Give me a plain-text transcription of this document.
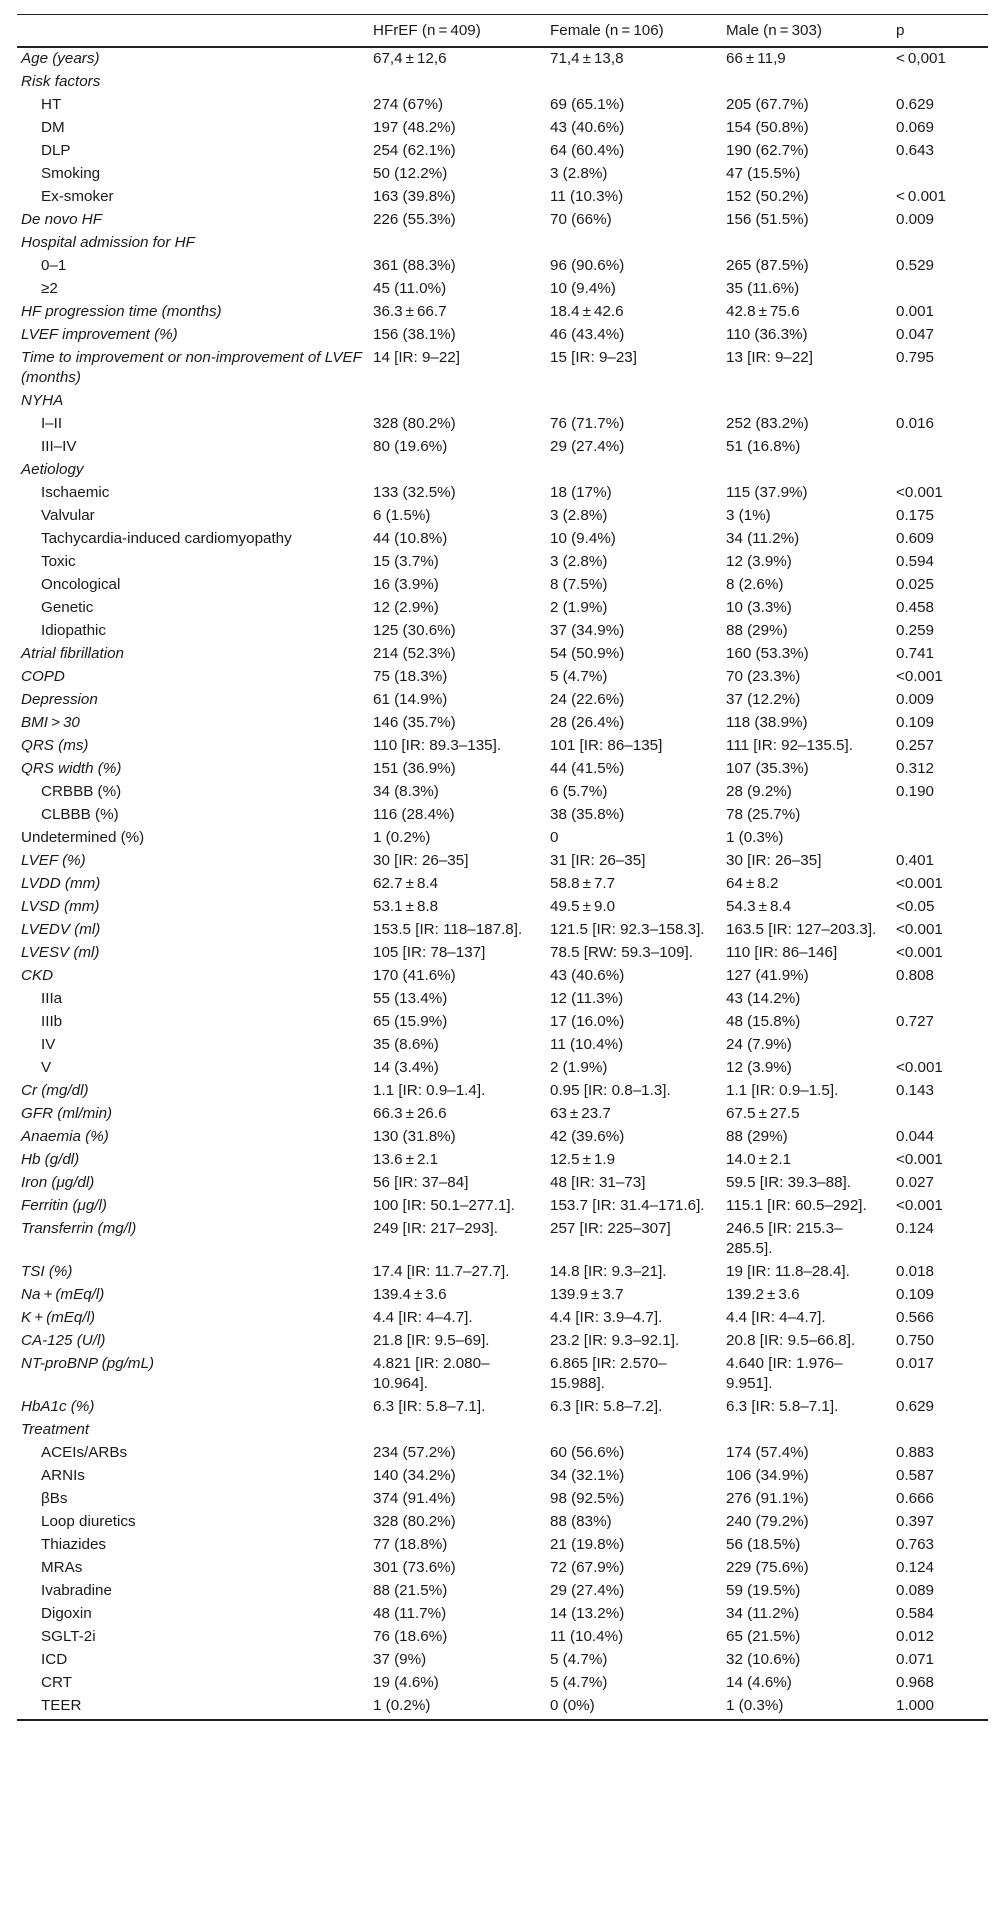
	HFrEF (n = 409)	Female (n = 106)	Male (n = 303)	p
Age (years)	67,4 ± 12,6	71,4 ± 13,8	66 ± 11,9	< 0,001
Risk factors				
HT	274 (67%)	69 (65.1%)	205 (67.7%)	0.629
DM	197 (48.2%)	43 (40.6%)	154 (50.8%)	0.069
DLP	254 (62.1%)	64 (60.4%)	190 (62.7%)	0.643
Smoking	50 (12.2%)	3 (2.8%)	47 (15.5%)	
Ex-smoker	163 (39.8%)	11 (10.3%)	152 (50.2%)	< 0.001
De novo HF	226 (55.3%)	70 (66%)	156 (51.5%)	0.009
Hospital admission for HF				
0–1	361 (88.3%)	96 (90.6%)	265 (87.5%)	0.529
≥2	45 (11.0%)	10 (9.4%)	35 (11.6%)	
HF progression time (months)	36.3 ± 66.7	18.4 ± 42.6	42.8 ± 75.6	0.001
LVEF improvement (%)	156 (38.1%)	46 (43.4%)	110 (36.3%)	0.047
Time to improvement or non-improvement of LVEF (months)	14 [IR: 9–22]	15 [IR: 9–23]	13 [IR: 9–22]	0.795
NYHA				
I–II	328 (80.2%)	76 (71.7%)	252 (83.2%)	0.016
III–IV	80 (19.6%)	29 (27.4%)	51 (16.8%)	
Aetiology				
Ischaemic	133 (32.5%)	18 (17%)	115 (37.9%)	<0.001
Valvular	6 (1.5%)	3 (2.8%)	3 (1%)	0.175
Tachycardia-induced cardiomyopathy	44 (10.8%)	10 (9.4%)	34 (11.2%)	0.609
Toxic	15 (3.7%)	3 (2.8%)	12 (3.9%)	0.594
Oncological	16 (3.9%)	8 (7.5%)	8 (2.6%)	0.025
Genetic	12 (2.9%)	2 (1.9%)	10 (3.3%)	0.458
Idiopathic	125 (30.6%)	37 (34.9%)	88 (29%)	0.259
Atrial fibrillation	214 (52.3%)	54 (50.9%)	160 (53.3%)	0.741
COPD	75 (18.3%)	5 (4.7%)	70 (23.3%)	<0.001
Depression	61 (14.9%)	24 (22.6%)	37 (12.2%)	0.009
BMI > 30	146 (35.7%)	28 (26.4%)	118 (38.9%)	0.109
QRS (ms)	110 [IR: 89.3–135].	101 [IR: 86–135]	111 [IR: 92–135.5].	0.257
QRS width (%)	151 (36.9%)	44 (41.5%)	107 (35.3%)	0.312
CRBBB (%)	34 (8.3%)	6 (5.7%)	28 (9.2%)	0.190
CLBBB (%)	116 (28.4%)	38 (35.8%)	78 (25.7%)	
Undetermined (%)	1 (0.2%)	0	1 (0.3%)	
LVEF (%)	30 [IR: 26–35]	31 [IR: 26–35]	30 [IR: 26–35]	0.401
LVDD (mm)	62.7 ± 8.4	58.8 ± 7.7	64 ± 8.2	<0.001
LVSD (mm)	53.1 ± 8.8	49.5 ± 9.0	54.3 ± 8.4	<0.05
LVEDV (ml)	153.5 [IR: 118–187.8].	121.5 [IR: 92.3–158.3].	163.5 [IR: 127–203.3].	<0.001
LVESV (ml)	105 [IR: 78–137]	78.5 [RW: 59.3–109].	110 [IR: 86–146]	<0.001
CKD	170 (41.6%)	43 (40.6%)	127 (41.9%)	0.808
IIIa	55 (13.4%)	12 (11.3%)	43 (14.2%)	
IIIb	65 (15.9%)	17 (16.0%)	48 (15.8%)	0.727
IV	35 (8.6%)	11 (10.4%)	24 (7.9%)	
V	14 (3.4%)	2 (1.9%)	12 (3.9%)	<0.001
Cr (mg/dl)	1.1 [IR: 0.9–1.4].	0.95 [IR: 0.8–1.3].	1.1 [IR: 0.9–1.5].	0.143
GFR (ml/min)	66.3 ± 26.6	63 ± 23.7	67.5 ± 27.5	
Anaemia (%)	130 (31.8%)	42 (39.6%)	88 (29%)	0.044
Hb (g/dl)	13.6 ± 2.1	12.5 ± 1.9	14.0 ± 2.1	<0.001
Iron (μg/dl)	56 [IR: 37–84]	48 [IR: 31–73]	59.5 [IR: 39.3–88].	0.027
Ferritin (μg/l)	100 [IR: 50.1–277.1].	153.7 [IR: 31.4–171.6].	115.1 [IR: 60.5–292].	<0.001
Transferrin (mg/l)	249 [IR: 217–293].	257 [IR: 225–307]	246.5 [IR: 215.3–285.5].	0.124
TSI (%)	17.4 [IR: 11.7–27.7].	14.8 [IR: 9.3–21].	19 [IR: 11.8–28.4].	0.018
Na + (mEq/l)	139.4 ± 3.6	139.9 ± 3.7	139.2 ± 3.6	0.109
K + (mEq/l)	4.4 [IR: 4–4.7].	4.4 [IR: 3.9–4.7].	4.4 [IR: 4–4.7].	0.566
CA-125 (U/l)	21.8 [IR: 9.5–69].	23.2 [IR: 9.3–92.1].	20.8 [IR: 9.5–66.8].	0.750
NT-proBNP (pg/mL)	4.821 [IR: 2.080–10.964].	6.865 [IR: 2.570–15.988].	4.640 [IR: 1.976–9.951].	0.017
HbA1c (%)	6.3 [IR: 5.8–7.1].	6.3 [IR: 5.8–7.2].	6.3 [IR: 5.8–7.1].	0.629
Treatment				
ACEIs/ARBs	234 (57.2%)	60 (56.6%)	174 (57.4%)	0.883
ARNIs	140 (34.2%)	34 (32.1%)	106 (34.9%)	0.587
βBs	374 (91.4%)	98 (92.5%)	276 (91.1%)	0.666
Loop diuretics	328 (80.2%)	88 (83%)	240 (79.2%)	0.397
Thiazides	77 (18.8%)	21 (19.8%)	56 (18.5%)	0.763
MRAs	301 (73.6%)	72 (67.9%)	229 (75.6%)	0.124
Ivabradine	88 (21.5%)	29 (27.4%)	59 (19.5%)	0.089
Digoxin	48 (11.7%)	14 (13.2%)	34 (11.2%)	0.584
SGLT-2i	76 (18.6%)	11 (10.4%)	65 (21.5%)	0.012
ICD	37 (9%)	5 (4.7%)	32 (10.6%)	0.071
CRT	19 (4.6%)	5 (4.7%)	14 (4.6%)	0.968
TEER	1 (0.2%)	0 (0%)	1 (0.3%)	1.000
